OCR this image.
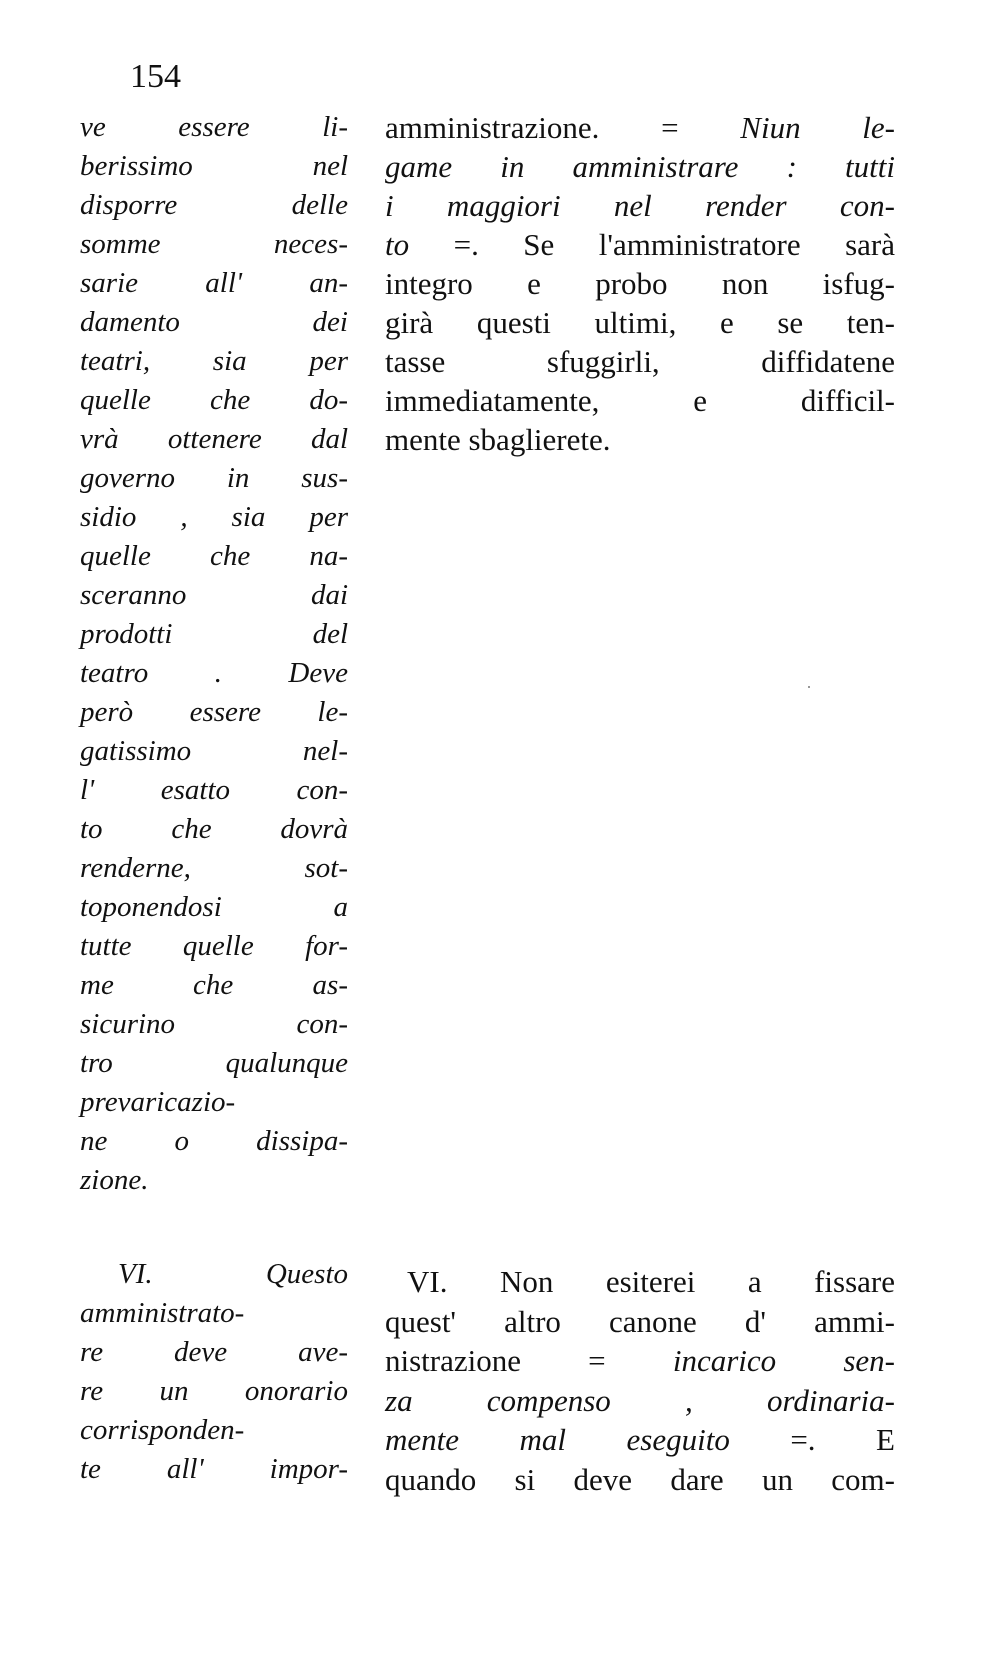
154
ve essere li-
berissimo nel
disporre delle
somme neces-
sarie all' an-
damento dei
teatri, sia per
quelle che do-
vrà ottenere dal
governo in sus-
sidio , sia per
quelle che na-
sceranno dai
prodotti del
teatro . Deve
però essere le-
gatissimo nel-
l' esatto con-
to che dovrà
renderne, sot-
toponendosi a
tutte quelle for-
me che as-
sicurino con-
tro qualunque
prevaricazio-
ne o dissipa-
zione.
VI. Questo
amministrato-
re deve ave-
re un onorario
corrisponden-
te all' impor-
amministrazione. = Niun le-
game in amministrare : tutti
i maggiori nel render con-
to =. Se l'amministratore sarà
integro e probo non isfug-
girà questi ultimi, e se ten-
tasse sfuggirli, diffidatene
immediatamente, e difficil-
mente sbaglierete.
VI. Non esiterei a fissare
quest' altro canone d' ammi-
nistrazione = incarico sen-
za compenso , ordinaria-
mente mal eseguito =. E
quando si deve dare un com-
